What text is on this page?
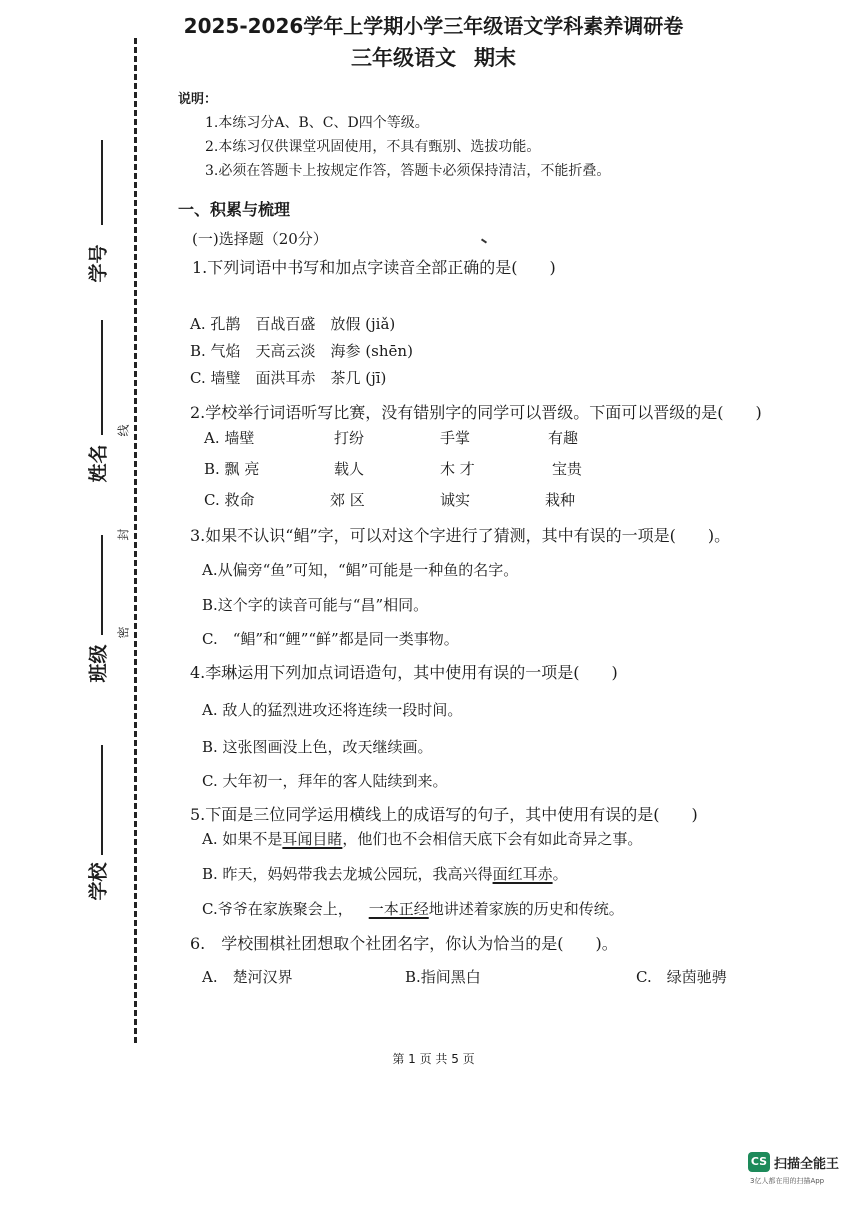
2025-2026学年上学期小学三年级语文学科素养调研卷
三年级语文 期末
说明：
1.本练习分A、B、C、D四个等级。
2.本练习仅供课堂巩固使用，不具有甄别、选拔功能。
3.必须在答题卡上按规定作答，答题卡必须保持清洁，不能折叠。
一、积累与梳理
(一)选择题（20分）
1.下列词语中书写和加点字读音全部正确的是(　　)
A. 孔鹊　百战百盛　放假 (jiǎ)
B. 气焰　天高云淡　海参 (shēn)
C. 墙璧　面洪耳赤　茶几 (jī)
2.学校举行词语听写比赛，没有错别字的同学可以晋级。下面可以晋级的是(　　)
A. 墙壁	打纷	手掌	有趣
B. 飘 亮	载人	木 才	宝贵
C. 救命	郊 区	诚实	栽种
3.如果不认识“鲳”字，可以对这个字进行了猜测，其中有误的一项是(　　)。
A.从偏旁“鱼”可知，“鲳”可能是一种鱼的名字。
B.这个字的读音可能与“昌”相同。
C.　“鲳”和“鲤”“鲜”都是同一类事物。
4.李琳运用下列加点词语造句，其中使用有误的一项是(　　)
A. 敌人的猛烈进攻还将连续一段时间。
B. 这张图画没上色，改天继续画。
C. 大年初一，拜年的客人陆续到来。
5.下面是三位同学运用横线上的成语写的句子，其中使用有误的是(　　)
A. 如果不是耳闻目睹，他们也不会相信天底下会有如此奇异之事。
B. 昨天，妈妈带我去龙城公园玩，我高兴得面红耳赤。
C.爷爷在家族聚会上， 一本正经地讲述着家族的历史和传统。
6.　学校围棋社团想取个社团名字，你认为恰当的是(　　)。
A.　楚河汉界	B.指间黑白	C.　绿茵驰骋
学号
姓名
线
班级
封
密
学校
第 1 页 共 5 页
CS 扫描全能王
3亿人都在用的扫描App
